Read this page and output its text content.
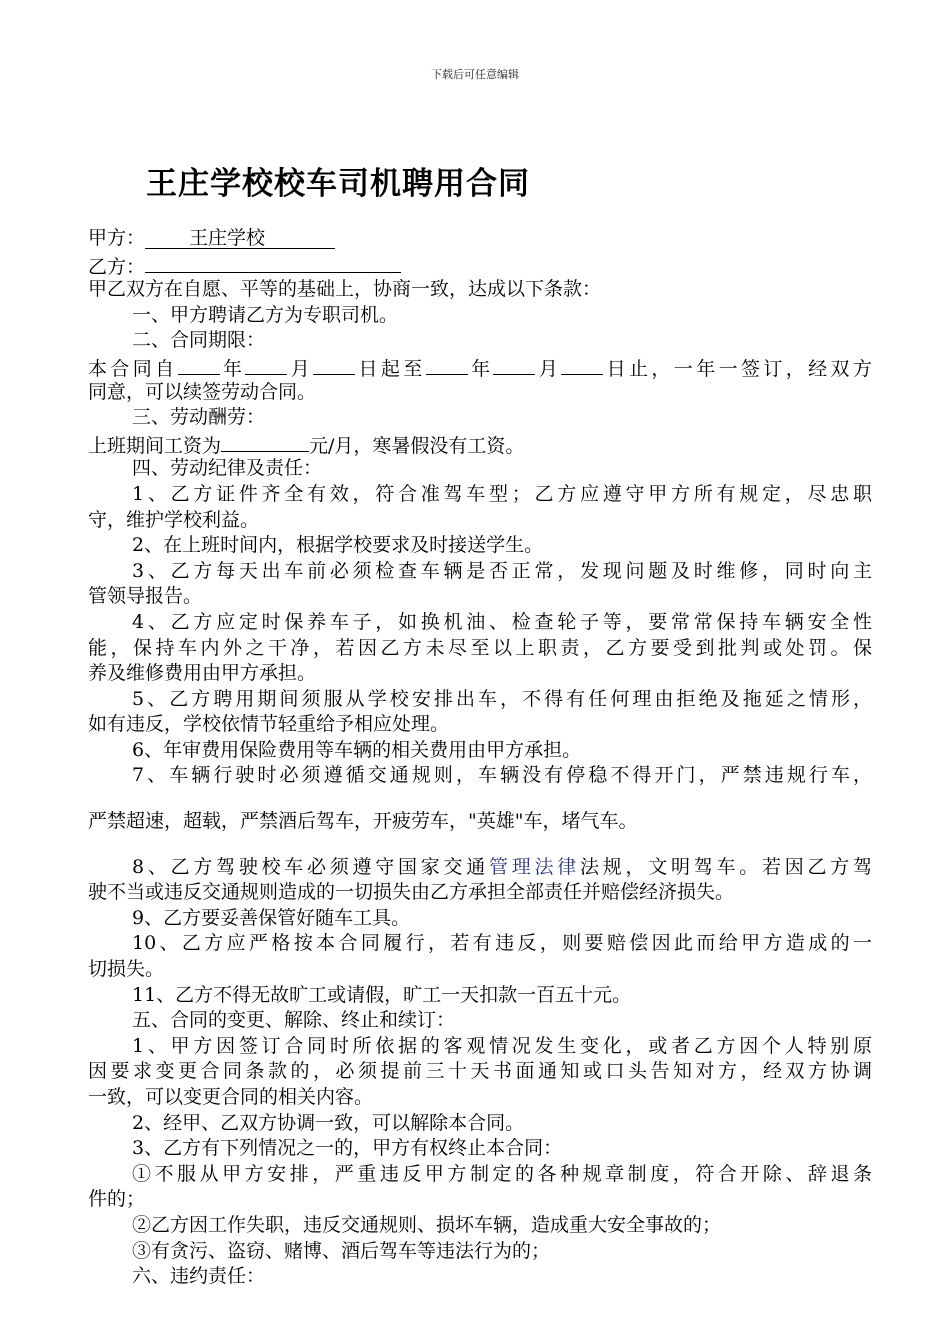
下载后可任意编辑
王庄学校校车司机聘用合同
甲方： 王庄学校
乙方：
甲乙双方在自愿、平等的基础上，协商一致，达成以下条款：
一、甲方聘请乙方为专职司机。
二、合同期限：
本合同自 年 月 日起至 年 月 日止，一年一签订，经双方
同意，可以续签劳动合同。
三、劳动酬劳：
上班期间工资为	元/月，寒暑假没有工资。
四、劳动纪律及责任：
1、乙方证件齐全有效，符合准驾车型；乙方应遵守甲方所有规定，尽忠职
守，维护学校利益。
2、在上班时间内，根据学校要求及时接送学生。
3、乙方每天出车前必须检查车辆是否正常，发现问题及时维修，同时向主
管领导报告。
4、乙方应定时保养车子，如换机油、检查轮子等，要常常保持车辆安全性
能，保持车内外之干净，若因乙方未尽至以上职责，乙方要受到批判或处罚。保
养及维修费用由甲方承担。
5、乙方聘用期间须服从学校安排出车，不得有任何理由拒绝及拖延之情形，
如有违反，学校依情节轻重给予相应处理。
6、年审费用保险费用等车辆的相关费用由甲方承担。
7、车辆行驶时必须遵循交通规则，车辆没有停稳不得开门，严禁违规行车，
严禁超速，超载，严禁酒后驾车，开疲劳车，"英雄"车，堵气车。
8、乙方驾驶校车必须遵守国家交通管理法律法规，文明驾车。若因乙方驾
驶不当或违反交通规则造成的一切损失由乙方承担全部责任并赔偿经济损失。
9、乙方要妥善保管好随车工具。
10、乙方应严格按本合同履行，若有违反，则要赔偿因此而给甲方造成的一
切损失。
11、乙方不得无故旷工或请假，旷工一天扣款一百五十元。
五、合同的变更、解除、终止和续订：
1、甲方因签订合同时所依据的客观情况发生变化，或者乙方因个人特别原
因要求变更合同条款的，必须提前三十天书面通知或口头告知对方，经双方协调
一致，可以变更合同的相关内容。
2、经甲、乙双方协调一致，可以解除本合同。
3、乙方有下列情况之一的，甲方有权终止本合同：
①不服从甲方安排，严重违反甲方制定的各种规章制度，符合开除、辞退条
件的；
②乙方因工作失职，违反交通规则、损坏车辆，造成重大安全事故的；
③有贪污、盗窃、赌博、酒后驾车等违法行为的；
六、违约责任：
